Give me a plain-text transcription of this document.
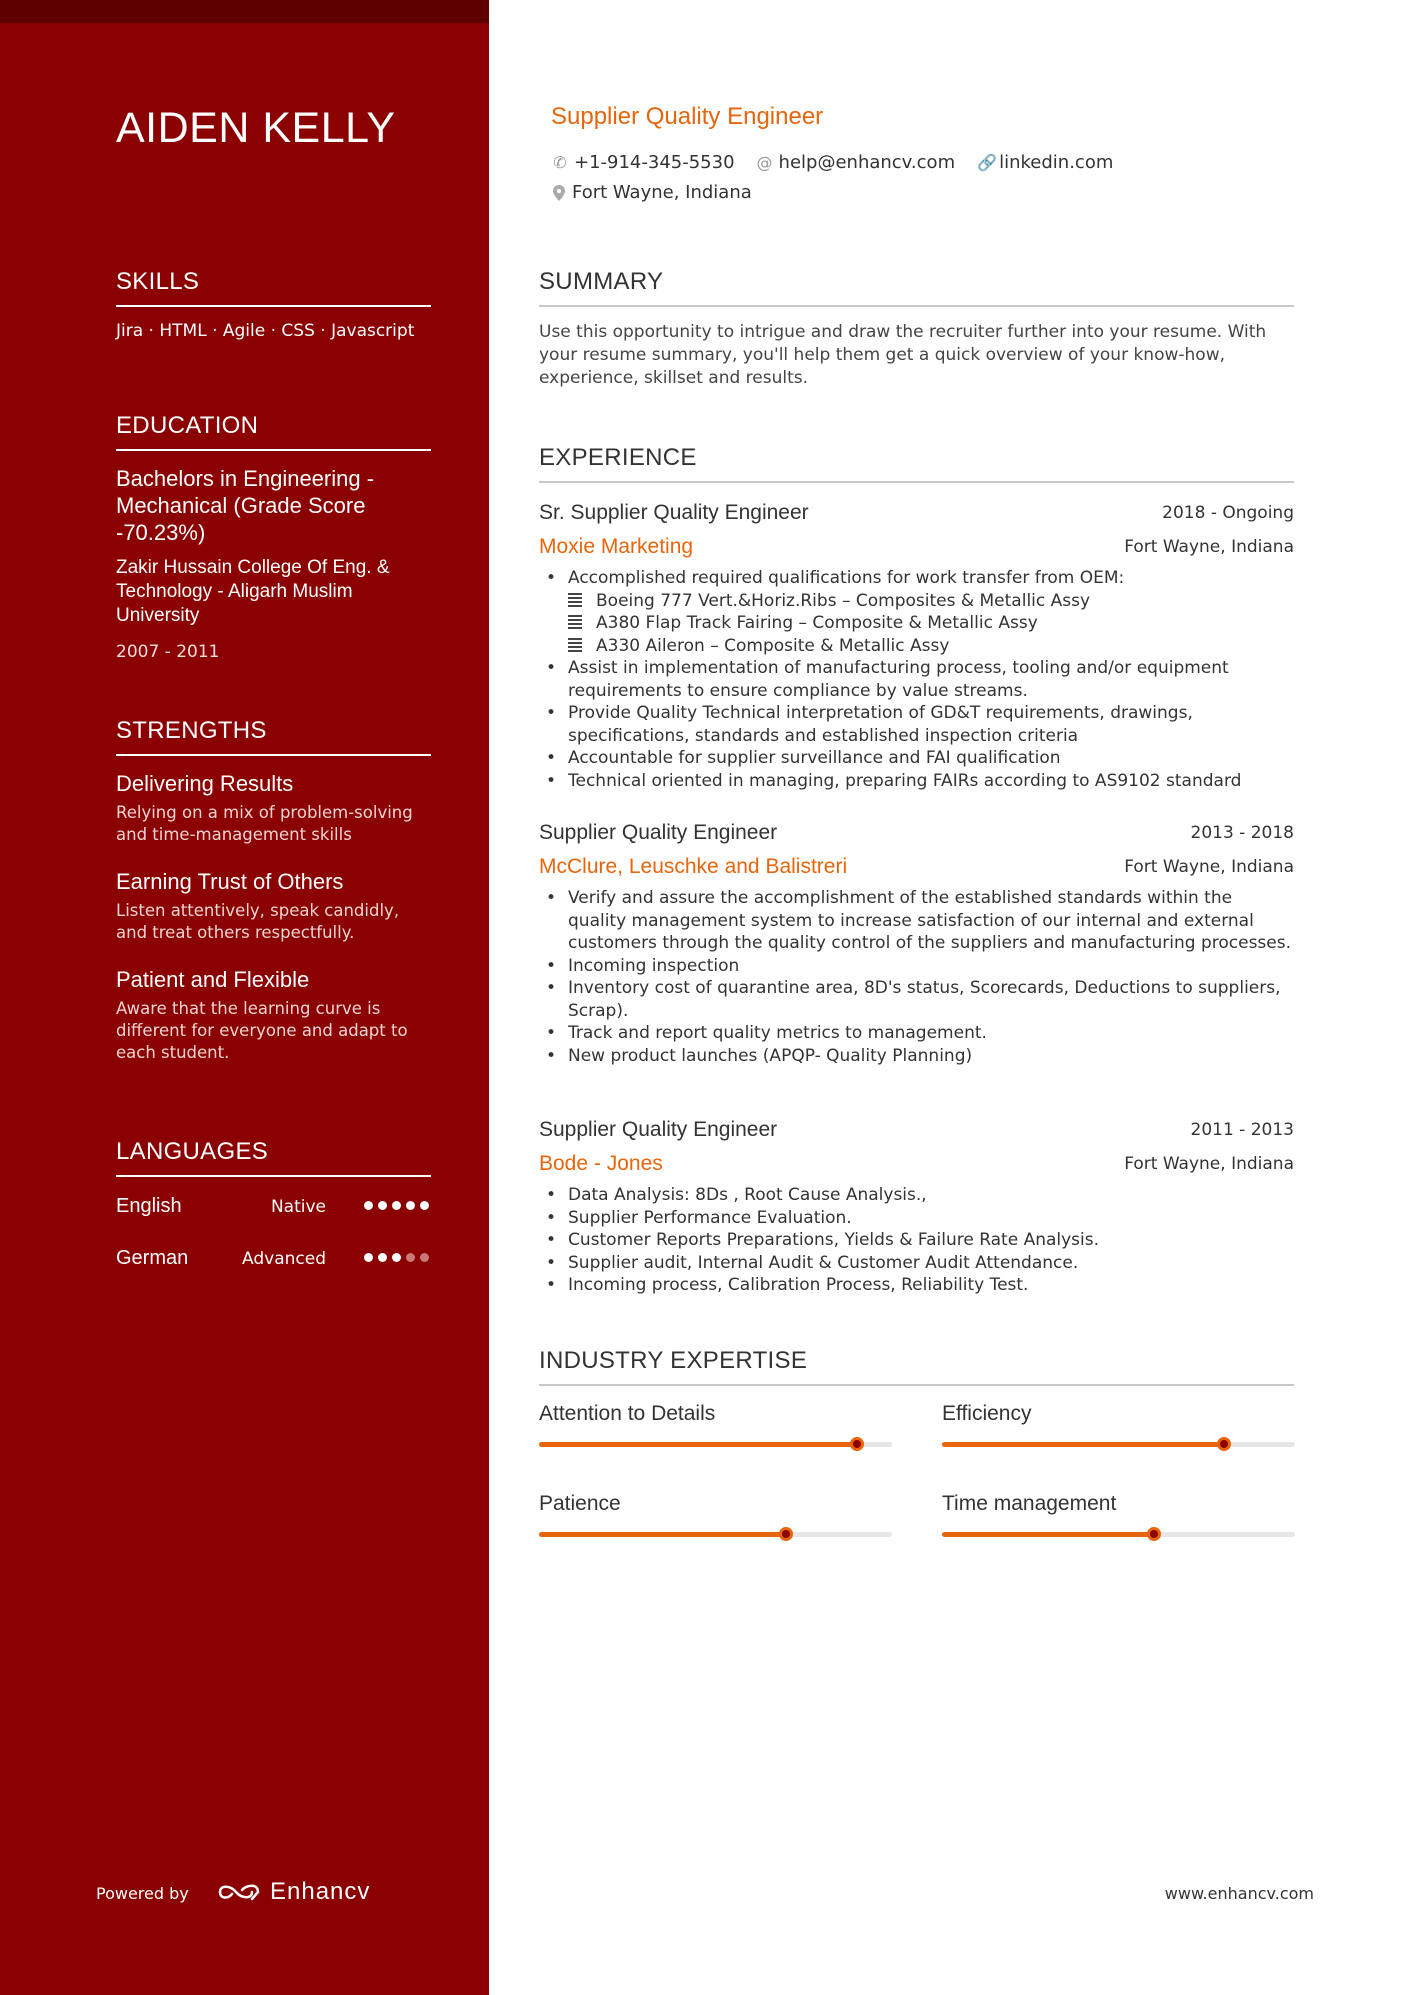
AIDEN KELLY
SKILLS
Jira · HTML · Agile · CSS · Javascript
EDUCATION
Bachelors in Engineering - Mechanical (Grade Score -70.23%)
Zakir Hussain College Of Eng. & Technology - Aligarh Muslim University
2007 - 2011
STRENGTHS
Delivering Results
Relying on a mix of problem-solving and time-management skills
Earning Trust of Others
Listen attentively, speak candidly, and treat others respectfully.
Patient and Flexible
Aware that the learning curve is different for everyone and adapt to each student.
LANGUAGES
English	Native
German	Advanced
Powered by	Enhancv
Supplier Quality Engineer
✆ +1-914-345-5530 @ help@enhancv.com 🔗 linkedin.com
Fort Wayne, Indiana
SUMMARY
Use this opportunity to intrigue and draw the recruiter further into your resume. With your resume summary, you'll help them get a quick overview of your know-how, experience, skillset and results.
EXPERIENCE
Sr. Supplier Quality Engineer	2018 - Ongoing
Moxie Marketing	Fort Wayne, Indiana
• Accomplished required qualifications for work transfer from OEM:
Boeing 777 Vert.&Horiz.Ribs – Composites & Metallic Assy
A380 Flap Track Fairing – Composite & Metallic Assy
A330 Aileron – Composite & Metallic Assy
• Assist in implementation of manufacturing process, tooling and/or equipment requirements to ensure compliance by value streams.
• Provide Quality Technical interpretation of GD&T requirements, drawings, specifications, standards and established inspection criteria
• Accountable for supplier surveillance and FAI qualification
• Technical oriented in managing, preparing FAIRs according to AS9102 standard
Supplier Quality Engineer	2013 - 2018
McClure, Leuschke and Balistreri	Fort Wayne, Indiana
• Verify and assure the accomplishment of the established standards within the quality management system to increase satisfaction of our internal and external customers through the quality control of the suppliers and manufacturing processes.
• Incoming inspection
• Inventory cost of quarantine area, 8D's status, Scorecards, Deductions to suppliers, Scrap).
• Track and report quality metrics to management.
• New product launches (APQP- Quality Planning)
Supplier Quality Engineer	2011 - 2013
Bode - Jones	Fort Wayne, Indiana
• Data Analysis: 8Ds , Root Cause Analysis.,
• Supplier Performance Evaluation.
• Customer Reports Preparations, Yields & Failure Rate Analysis.
• Supplier audit, Internal Audit & Customer Audit Attendance.
• Incoming process, Calibration Process, Reliability Test.
INDUSTRY EXPERTISE
Attention to Details	Efficiency
Patience	Time management
www.enhancv.com
